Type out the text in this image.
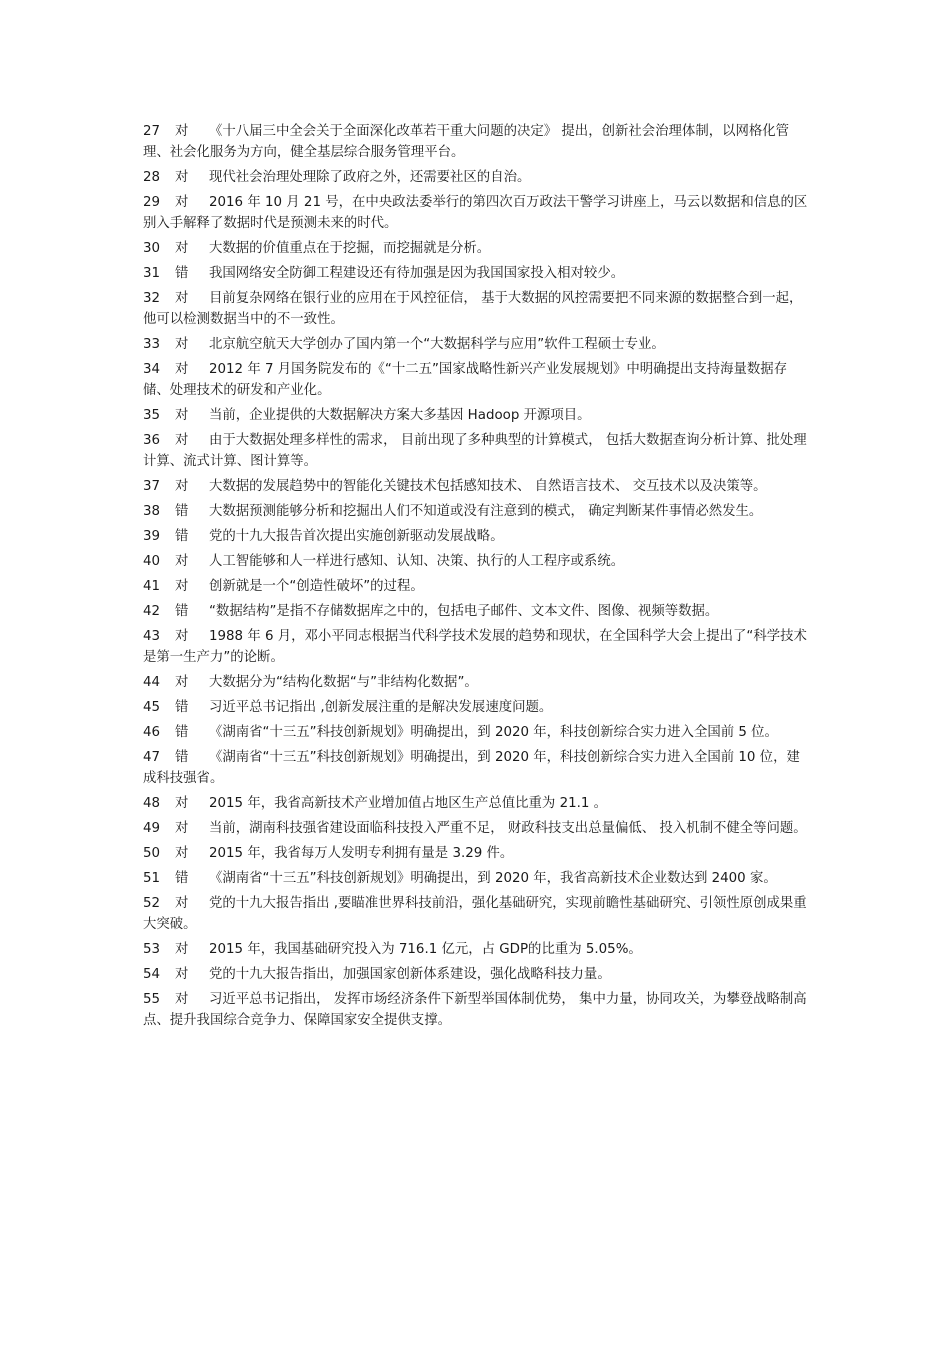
27 对 《十八届三中全会关于全面深化改革若干重大问题的决定》 提出，创新社会治理体制，以网格化管理、社会化服务为方向，健全基层综合服务管理平台。
28 对 现代社会治理处理除了政府之外，还需要社区的自治。
29 对 2016 年 10 月 21 号，在中央政法委举行的第四次百万政法干警学习讲座上，马云以数据和信息的区别入手解释了数据时代是预测未来的时代。
30 对 大数据的价值重点在于挖掘，而挖掘就是分析。
31 错 我国网络安全防御工程建设还有待加强是因为我国国家投入相对较少。
32 对 目前复杂网络在银行业的应用在于风控征信， 基于大数据的风控需要把不同来源的数据整合到一起，他可以检测数据当中的不一致性。
33 对 北京航空航天大学创办了国内第一个“大数据科学与应用”软件工程硕士专业。
34 对 2012 年 7 月国务院发布的《“十二五”国家战略性新兴产业发展规划》中明确提出支持海量数据存储、处理技术的研发和产业化。
35 对 当前，企业提供的大数据解决方案大多基因 Hadoop 开源项目。
36 对 由于大数据处理多样性的需求， 目前出现了多种典型的计算模式， 包括大数据查询分析计算、批处理计算、流式计算、图计算等。
37 对 大数据的发展趋势中的智能化关键技术包括感知技术、 自然语言技术、 交互技术以及决策等。
38 错 大数据预测能够分析和挖掘出人们不知道或没有注意到的模式， 确定判断某件事情必然发生。
39 错 党的十九大报告首次提出实施创新驱动发展战略。
40 对 人工智能够和人一样进行感知、认知、决策、执行的人工程序或系统。
41 对 创新就是一个“创造性破坏”的过程。
42 错 “数据结构”是指不存储数据库之中的，包括电子邮件、文本文件、图像、视频等数据。
43 对 1988 年 6 月，邓小平同志根据当代科学技术发展的趋势和现状，在全国科学大会上提出了“科学技术是第一生产力”的论断。
44 对 大数据分为“结构化数据“与”非结构化数据”。
45 错 习近平总书记指出 ,创新发展注重的是解决发展速度问题。
46 错 《湖南省“十三五”科技创新规划》明确提出，到 2020 年，科技创新综合实力进入全国前 5 位。
47 错 《湖南省“十三五”科技创新规划》明确提出，到 2020 年，科技创新综合实力进入全国前 10 位，建成科技强省。
48 对 2015 年，我省高新技术产业增加值占地区生产总值比重为 21.1 。
49 对 当前，湖南科技强省建设面临科技投入严重不足， 财政科技支出总量偏低、 投入机制不健全等问题。
50 对 2015 年，我省每万人发明专利拥有量是 3.29 件。
51 错 《湖南省“十三五”科技创新规划》明确提出，到 2020 年，我省高新技术企业数达到 2400 家。
52 对 党的十九大报告指出 ,要瞄准世界科技前沿，强化基础研究，实现前瞻性基础研究、引领性原创成果重大突破。
53 对 2015 年，我国基础研究投入为 716.1 亿元，占 GDP的比重为 5.05%。
54 对 党的十九大报告指出，加强国家创新体系建设，强化战略科技力量。
55 对 习近平总书记指出， 发挥市场经济条件下新型举国体制优势， 集中力量，协同攻关，为攀登战略制高点、提升我国综合竞争力、保障国家安全提供支撑。
